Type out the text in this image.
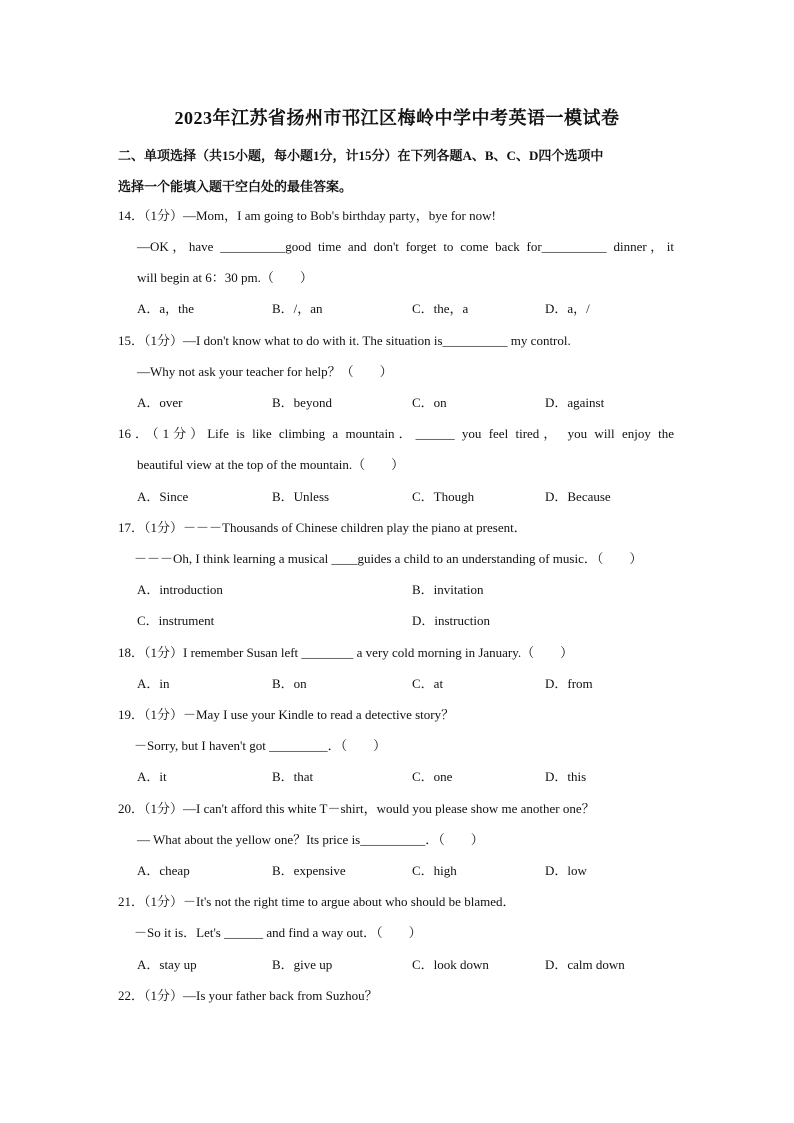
2023年江苏省扬州市邗江区梅岭中学中考英语一模试卷
二、单项选择（共15小题，每小题1分，计15分）在下列各题A、B、C、D四个选项中
选择一个能填入题干空白处的最佳答案。
14．（1分）—Mom，I am going to Bob's birthday party，bye for now!
—OK，have __________good time and don't forget to come back for__________ dinner，it
will begin at 6：30 pm.（　　）
A．a，the	B．/，an	C．the，a	D．a，/
15．（1分）—I don't know what to do with it. The situation is__________ my control.
—Why not ask your teacher for help？（　　）
A．over	B．beyond	C．on	D．against
16．（1分）Life is like climbing a mountain．______ you feel tired， you will enjoy the
beautiful view at the top of the mountain.（　　）
A．Since	B．Unless	C．Though	D．Because
17．（1分）－－－Thousands of Chinese children play the piano at present．
－－－Oh, I think learning a musical ____guides a child to an understanding of music．（　　）
A．introduction	B．invitation
C．instrument	D．instruction
18．（1分）I remember Susan left ________ a very cold morning in January.（　　）
A．in	B．on	C．at	D．from
19．（1分）－May I use your Kindle to read a detective story？
－Sorry, but I haven't got _________．（　　）
A．it	B．that	C．one	D．this
20．（1分）—I can't afford this white T－shirt，would you please show me another one？
— What about the yellow one？Its price is__________．（　　）
A．cheap	B．expensive	C．high	D．low
21．（1分）－It's not the right time to argue about who should be blamed．
－So it is．Let's ______ and find a way out．（　　）
A．stay up	B．give up	C．look down	D．calm down
22．（1分）—Is your father back from Suzhou？
